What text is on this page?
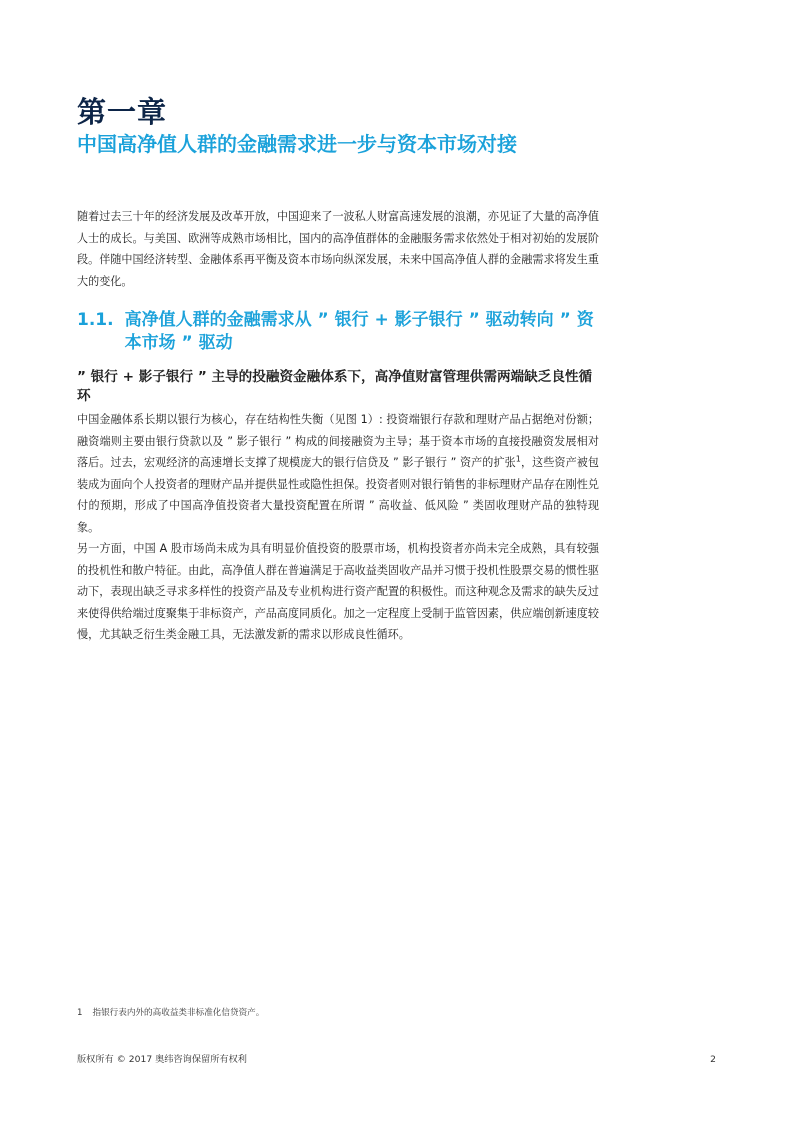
第一章
中国高净值人群的金融需求进一步与资本市场对接

随着过去三十年的经济发展及改革开放，中国迎来了一波私人财富高速发展的浪潮，亦见证了大量的高净值人士的成长。与美国、欧洲等成熟市场相比，国内的高净值群体的金融服务需求依然处于相对初始的发展阶段。伴随中国经济转型、金融体系再平衡及资本市场向纵深发展，未来中国高净值人群的金融需求将发生重大的变化。

1.1. 高净值人群的金融需求从 ” 银行 + 影子银行 ” 驱动转向 ” 资本市场 ” 驱动
” 银行 + 影子银行 ” 主导的投融资金融体系下，高净值财富管理供需两端缺乏良性循环

中国金融体系长期以银行为核心，存在结构性失衡（见图 1）: 投资端银行存款和理财产品占据绝对份额；融资端则主要由银行贷款以及 ” 影子银行 ” 构成的间接融资为主导；基于资本市场的直接投融资发展相对落后。过去，宏观经济的高速增长支撑了规模庞大的银行信贷及 ” 影子银行 ” 资产的扩张$^1$，这些资产被包装成为面向个人投资者的理财产品并提供显性或隐性担保。投资者则对银行销售的非标理财产品存在刚性兑付的预期，形成了中国高净值投资者大量投资配置在所谓 ” 高收益、低风险 ” 类固收理财产品的独特现象。

另一方面，中国 A 股市场尚未成为具有明显价值投资的股票市场，机构投资者亦尚未完全成熟，具有较强的投机性和散户特征。由此，高净值人群在普遍满足于高收益类固收产品并习惯于投机性股票交易的惯性驱动下，表现出缺乏寻求多样性的投资产品及专业机构进行资产配置的积极性。而这种观念及需求的缺失反过来使得供给端过度聚集于非标资产，产品高度同质化。加之一定程度上受制于监管因素，供应端创新速度较慢，尤其缺乏衍生类金融工具，无法激发新的需求以形成良性循环。

1 指银行表内外的高收益类非标准化信贷资产。

版权所有 © 2017 奥纬咨询保留所有权利	2
